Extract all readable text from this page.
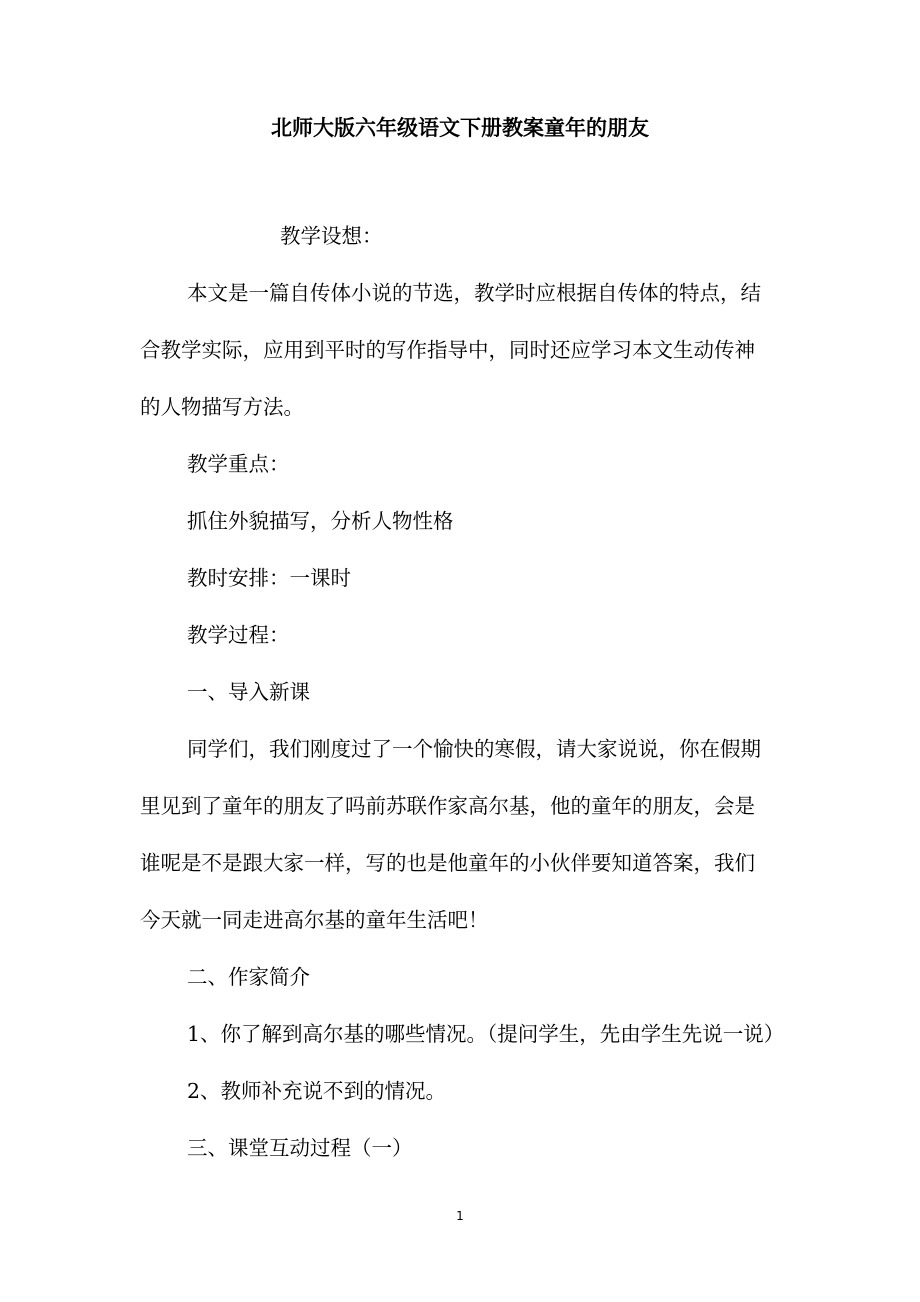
北师大版六年级语文下册教案童年的朋友
教学设想：
本文是一篇自传体小说的节选，教学时应根据自传体的特点，结
合教学实际，应用到平时的写作指导中，同时还应学习本文生动传神
的人物描写方法。
教学重点：
抓住外貌描写，分析人物性格
教时安排：一课时
教学过程：
一、导入新课
同学们，我们刚度过了一个愉快的寒假，请大家说说，你在假期
里见到了童年的朋友了吗前苏联作家高尔基，他的童年的朋友，会是
谁呢是不是跟大家一样，写的也是他童年的小伙伴要知道答案，我们
今天就一同走进高尔基的童年生活吧！
二、作家简介
1、你了解到高尔基的哪些情况。（提问学生，先由学生先说一说）
2、教师补充说不到的情况。
三、课堂互动过程（一）
1
